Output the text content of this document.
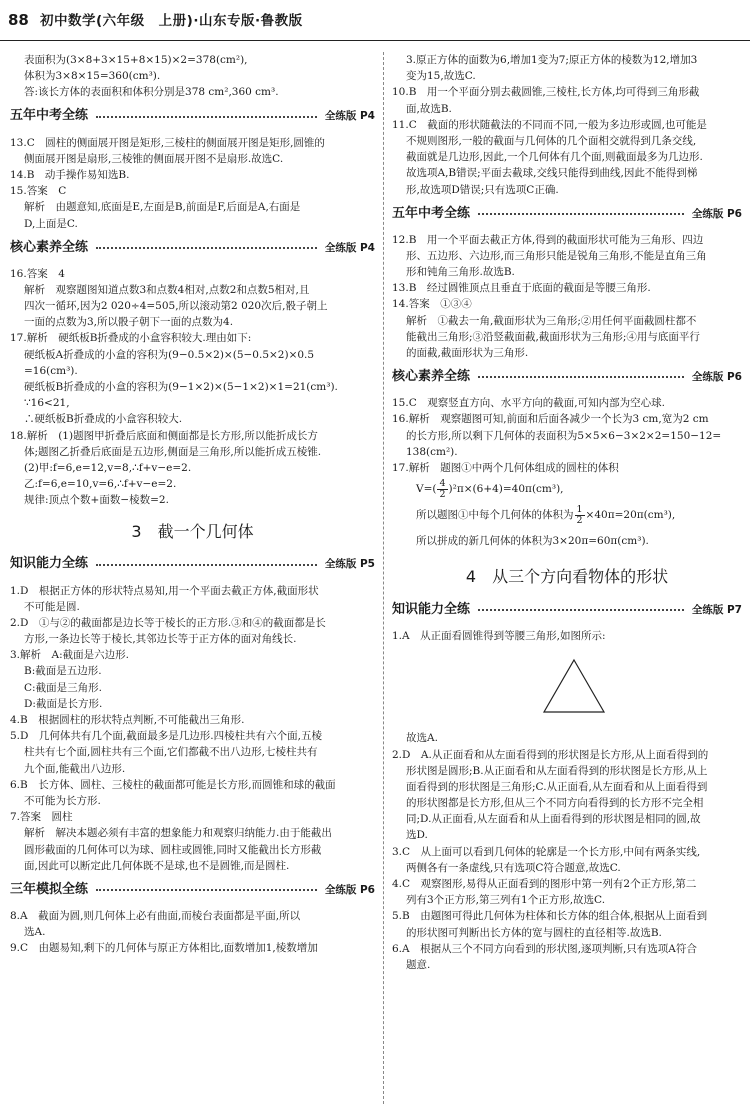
88 初中数学(六年级　上册)·山东专版·鲁教版
表面积为(3×8+3×15+8×15)×2=378(cm²),
体积为3×8×15=360(cm³).
答:该长方体的表面积和体积分别是378 cm²,360 cm³.
五年中考全练	全练版 P4
13.C　圆柱的侧面展开图是矩形,三棱柱的侧面展开图是矩形,圆锥的
侧面展开图是扇形,三棱锥的侧面展开图不是扇形.故选C.
14.B　动手操作易知选B.
15.答案　C
解析　由题意知,底面是E,左面是B,前面是F,后面是A,右面是
D,上面是C.
核心素养全练	全练版 P4
16.答案　4
解析　观察题图知道点数3和点数4相对,点数2和点数5相对,且
四次一循环,因为2 020÷4=505,所以滚动第2 020次后,骰子朝上
一面的点数为3,所以骰子朝下一面的点数为4.
17.解析　硬纸板B折叠成的小盒容积较大.理由如下:
硬纸板A折叠成的小盒的容积为(9−0.5×2)×(5−0.5×2)×0.5
=16(cm³).
硬纸板B折叠成的小盒的容积为(9−1×2)×(5−1×2)×1=21(cm³).
∵16<21,
∴硬纸板B折叠成的小盒容积较大.
18.解析　(1)题图甲折叠后底面和侧面都是长方形,所以能折成长方
体;题图乙折叠后底面是五边形,侧面是三角形,所以能折成五棱锥.
(2)甲:f=6,e=12,v=8,∴f+v−e=2.
乙:f=6,e=10,v=6,∴f+v−e=2.
规律:顶点个数+面数−棱数=2.
3　截一个几何体
知识能力全练	全练版 P5
1.D　根据正方体的形状特点易知,用一个平面去截正方体,截面形状
不可能是圆.
2.D　①与②的截面都是边长等于棱长的正方形.③和④的截面都是长
方形,一条边长等于棱长,其邻边长等于正方体的面对角线长.
3.解析　A:截面是六边形.
B:截面是五边形.
C:截面是三角形.
D:截面是长方形.
4.B　根据圆柱的形状特点判断,不可能截出三角形.
5.D　几何体共有几个面,截面最多是几边形.四棱柱共有六个面,五棱
柱共有七个面,圆柱共有三个面,它们都截不出八边形,七棱柱共有
九个面,能截出八边形.
6.B　长方体、圆柱、三棱柱的截面都可能是长方形,而圆锥和球的截面
不可能为长方形.
7.答案　圆柱
解析　解决本题必须有丰富的想象能力和观察归纳能力.由于能截出
圆形截面的几何体可以为球、圆柱或圆锥,同时又能截出长方形截
面,因此可以断定此几何体既不是球,也不是圆锥,而是圆柱.
三年模拟全练	全练版 P6
8.A　截面为圆,则几何体上必有曲面,而棱台表面都是平面,所以
选A.
9.C　由题易知,剩下的几何体与原正方体相比,面数增加1,棱数增加
3.原正方体的面数为6,增加1变为7;原正方体的棱数为12,增加3
变为15,故选C.
10.B　用一个平面分别去截圆锥,三棱柱,长方体,均可得到三角形截
面,故选B.
11.C　截面的形状随截法的不同而不同,一般为多边形或圆,也可能是
不规则图形,一般的截面与几何体的几个面相交就得到几条交线,
截面就是几边形,因此,一个几何体有几个面,则截面最多为几边形.
故选项A,B错误;平面去截球,交线只能得到曲线,因此不能得到梯
形,故选项D错误;只有选项C正确.
五年中考全练	全练版 P6
12.B　用一个平面去截正方体,得到的截面形状可能为三角形、四边
形、五边形、六边形,而三角形只能是锐角三角形,不能是直角三角
形和钝角三角形.故选B.
13.B　经过圆锥顶点且垂直于底面的截面是等腰三角形.
14.答案　①③④
解析　①截去一角,截面形状为三角形;②用任何平面截圆柱都不
能截出三角形;③沿竖截面截,截面形状为三角形;④用与底面平行
的面截,截面形状为三角形.
核心素养全练	全练版 P6
15.C　观察竖直方向、水平方向的截面,可知内部为空心球.
16.解析　观察题图可知,前面和后面各减少一个长为3 cm,宽为2 cm
的长方形,所以剩下几何体的表面积为5×5×6−3×2×2=150−12=
138(cm²).
17.解析　题图①中两个几何体组成的圆柱的体积
$V=( \frac{4}{2} )^2\pi\times(6+4)=40\pi(cm^3)$,
所以题图①中每个几何体的体积为 $\frac{1}{2} \times 40\pi=20\pi(cm^3)$,
所以拼成的新几何体的体积为3×20π=60π(cm³).
4　从三个方向看物体的形状
知识能力全练	全练版 P7
1.A　从正面看圆锥得到等腰三角形,如图所示:
故选A.
2.D　A.从正面看和从左面看得到的形状图是长方形,从上面看得到的
形状图是圆形;B.从正面看和从左面看得到的形状图是长方形,从上
面看得到的形状图是三角形;C.从正面看,从左面看和从上面看得到
的形状图都是长方形,但从三个不同方向看得到的长方形不完全相
同;D.从正面看,从左面看和从上面看得到的形状图是相同的圆,故
选D.
3.C　从上面可以看到几何体的轮廓是一个长方形,中间有两条实线,
两侧各有一条虚线,只有选项C符合题意,故选C.
4.C　观察图形,易得从正面看到的图形中第一列有2个正方形,第二
列有3个正方形,第三列有1个正方形,故选C.
5.B　由题图可得此几何体为柱体和长方体的组合体,根据从上面看到
的形状图可判断出长方体的宽与圆柱的直径相等.故选B.
6.A　根据从三个不同方向看到的形状图,逐项判断,只有选项A符合
题意.
